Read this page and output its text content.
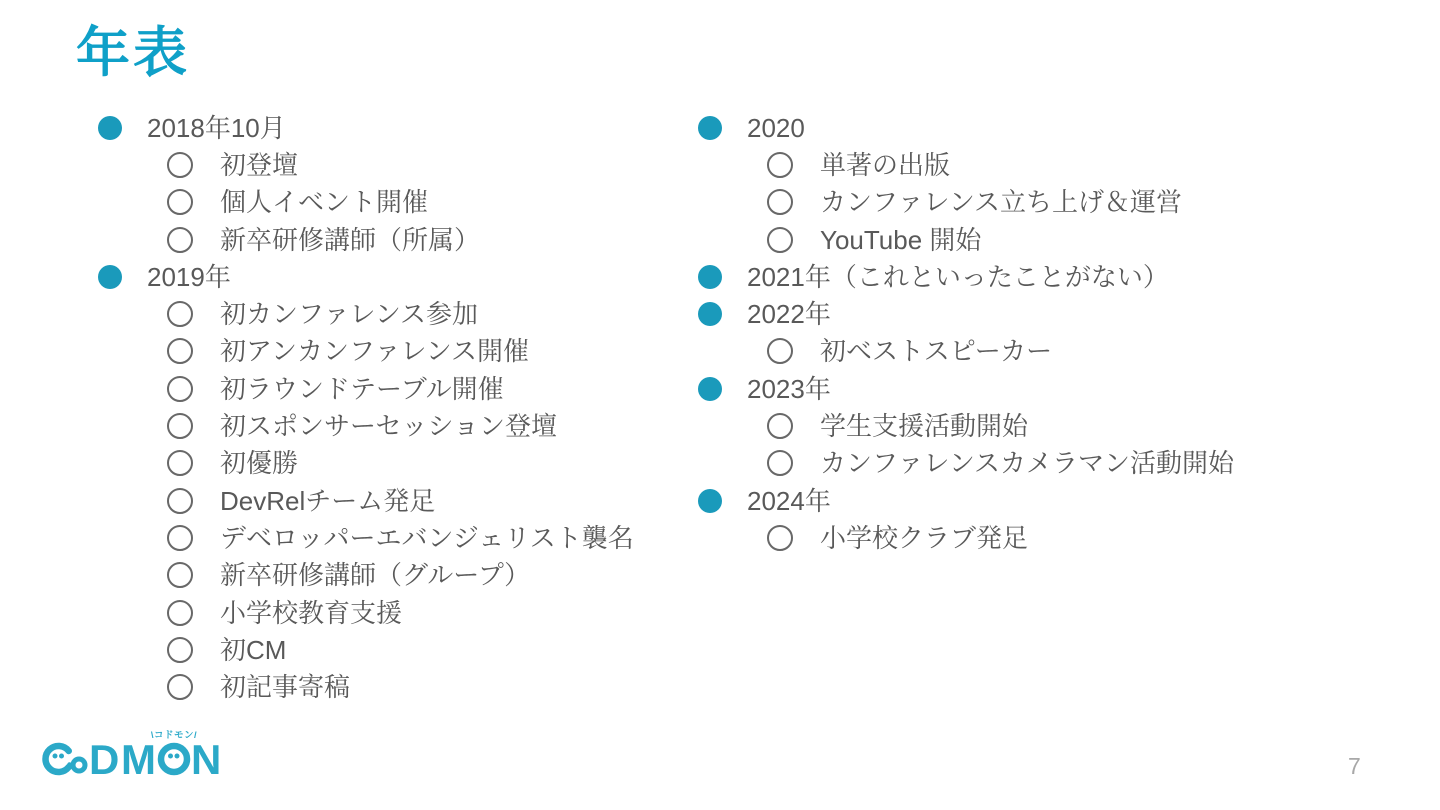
年表
2018年10月
初登壇
個人イベント開催
新卒研修講師（所属）
2019年
初カンファレンス参加
初アンカンファレンス開催
初ラウンドテーブル開催
初スポンサーセッション登壇
初優勝
DevRelチーム発足
デベロッパーエバンジェリスト襲名
新卒研修講師（グループ）
小学校教育支援
初CM
初記事寄稿
2020
単著の出版
カンファレンス立ち上げ＆運営
YouTube 開始
2021年（これといったことがない）
2022年
初ベストスピーカー
2023年
学生支援活動開始
カンファレンスカメラマン活動開始
2024年
小学校クラブ発足
D M N
\コドモン/
7
